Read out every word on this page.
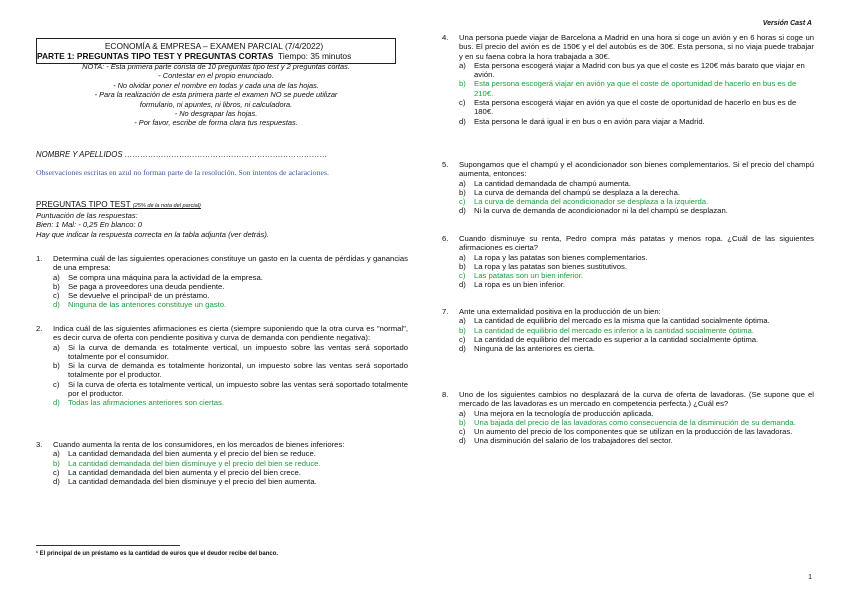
Versión Cast A
ECONOMÍA & EMPRESA – EXAMEN PARCIAL (7/4/2022)
PARTE 1: PREGUNTAS TIPO TEST Y PREGUNTAS CORTAS Tiempo: 35 minutos
NOTA: - Esta primera parte consta de 10 preguntas tipo test y 2 preguntas cortas.
- Contestar en el propio enunciado.
- No olvidar poner el nombre en todas y cada una de las hojas.
- Para la realización de esta primera parte el examen NO se puede utilizar
formulario, ni apuntes, ni libros, ni calculadora.
- No desgrapar las hojas.
- Por favor, escribe de forma clara tus respuestas.
NOMBRE Y APELLIDOS ……………………………………………………………………
Observaciones escritas en azul no forman parte de la resolución. Son intentos de aclaraciones.
PREGUNTAS TIPO TEST (25% de la nota del parcial)
Puntuación de las respuestas:
Bien: 1 Mal: - 0,25 En blanco: 0
Hay que indicar la respuesta correcta en la tabla adjunta (ver detrás).
1. Determina cuál de las siguientes operaciones constituye un gasto en la cuenta de pérdidas y ganancias de una empresa:
a) Se compra una máquina para la actividad de la empresa.
b) Se paga a proveedores una deuda pendiente.
c) Se devuelve el principal¹ de un préstamo.
d) Ninguna de las anteriores constituye un gasto.
2. Indica cuál de las siguientes afirmaciones es cierta (siempre suponiendo que la otra curva es "normal", es decir curva de oferta con pendiente positiva y curva de demanda con pendiente negativa):
a) Si la curva de demanda es totalmente vertical, un impuesto sobre las ventas será soportado totalmente por el consumidor.
b) Si la curva de demanda es totalmente horizontal, un impuesto sobre las ventas será soportado totalmente por el productor.
c) Si la curva de oferta es totalmente vertical, un impuesto sobre las ventas será soportado totalmente por el productor.
d) Todas las afirmaciones anteriores son ciertas.
3. Cuando aumenta la renta de los consumidores, en los mercados de bienes inferiores:
a) La cantidad demandada del bien aumenta y el precio del bien se reduce.
b) La cantidad demandada del bien disminuye y el precio del bien se reduce.
c) La cantidad demandada del bien aumenta y el precio del bien crece.
d) La cantidad demandada del bien disminuye y el precio del bien aumenta.
¹ El principal de un préstamo es la cantidad de euros que el deudor recibe del banco.
4. Una persona puede viajar de Barcelona a Madrid en una hora si coge un avión y en 6 horas si coge un bus. El precio del avión es de 150€ y el del autobús es de 30€. Esta persona, si no viaja puede trabajar y en su faena cobra la hora trabajada a 30€.
a) Esta persona escogerá viajar a Madrid con bus ya que el coste es 120€ más barato que viajar en avión.
b) Esta persona escogerá viajar en avión ya que el coste de oportunidad de hacerlo en bus es de 210€.
c) Esta persona escogerá viajar en avión ya que el coste de oportunidad de hacerlo en bus es de 180€.
d) Esta persona le dará igual ir en bus o en avión para viajar a Madrid.
5. Supongamos que el champú y el acondicionador son bienes complementarios. Si el precio del champú aumenta, entonces:
a) La cantidad demandada de champú aumenta.
b) La curva de demanda del champú se desplaza a la derecha.
c) La curva de demanda del acondicionador se desplaza a la izquierda.
d) Ni la curva de demanda de acondicionador ni la del champú se desplazan.
6. Cuando disminuye su renta, Pedro compra más patatas y menos ropa. ¿Cuál de las siguientes afirmaciones es cierta?
a) La ropa y las patatas son bienes complementarios.
b) La ropa y las patatas son bienes sustitutivos.
c) Las patatas son un bien inferior.
d) La ropa es un bien inferior.
7. Ante una externalidad positiva en la producción de un bien:
a) La cantidad de equilibrio del mercado es la misma que la cantidad socialmente óptima.
b) La cantidad de equilibrio del mercado es inferior a la cantidad socialmente óptima.
c) La cantidad de equilibrio del mercado es superior a la cantidad socialmente óptima.
d) Ninguna de las anteriores es cierta.
8. Uno de los siguientes cambios no desplazará de la curva de oferta de lavadoras. (Se supone que el mercado de las lavadoras es un mercado en competencia perfecta.) ¿Cuál es?
a) Una mejora en la tecnología de producción aplicada.
b) Una bajada del precio de las lavadoras como consecuencia de la disminución de su demanda.
c) Un aumento del precio de los componentes que se utilizan en la producción de las lavadoras.
d) Una disminución del salario de los trabajadores del sector.
1
